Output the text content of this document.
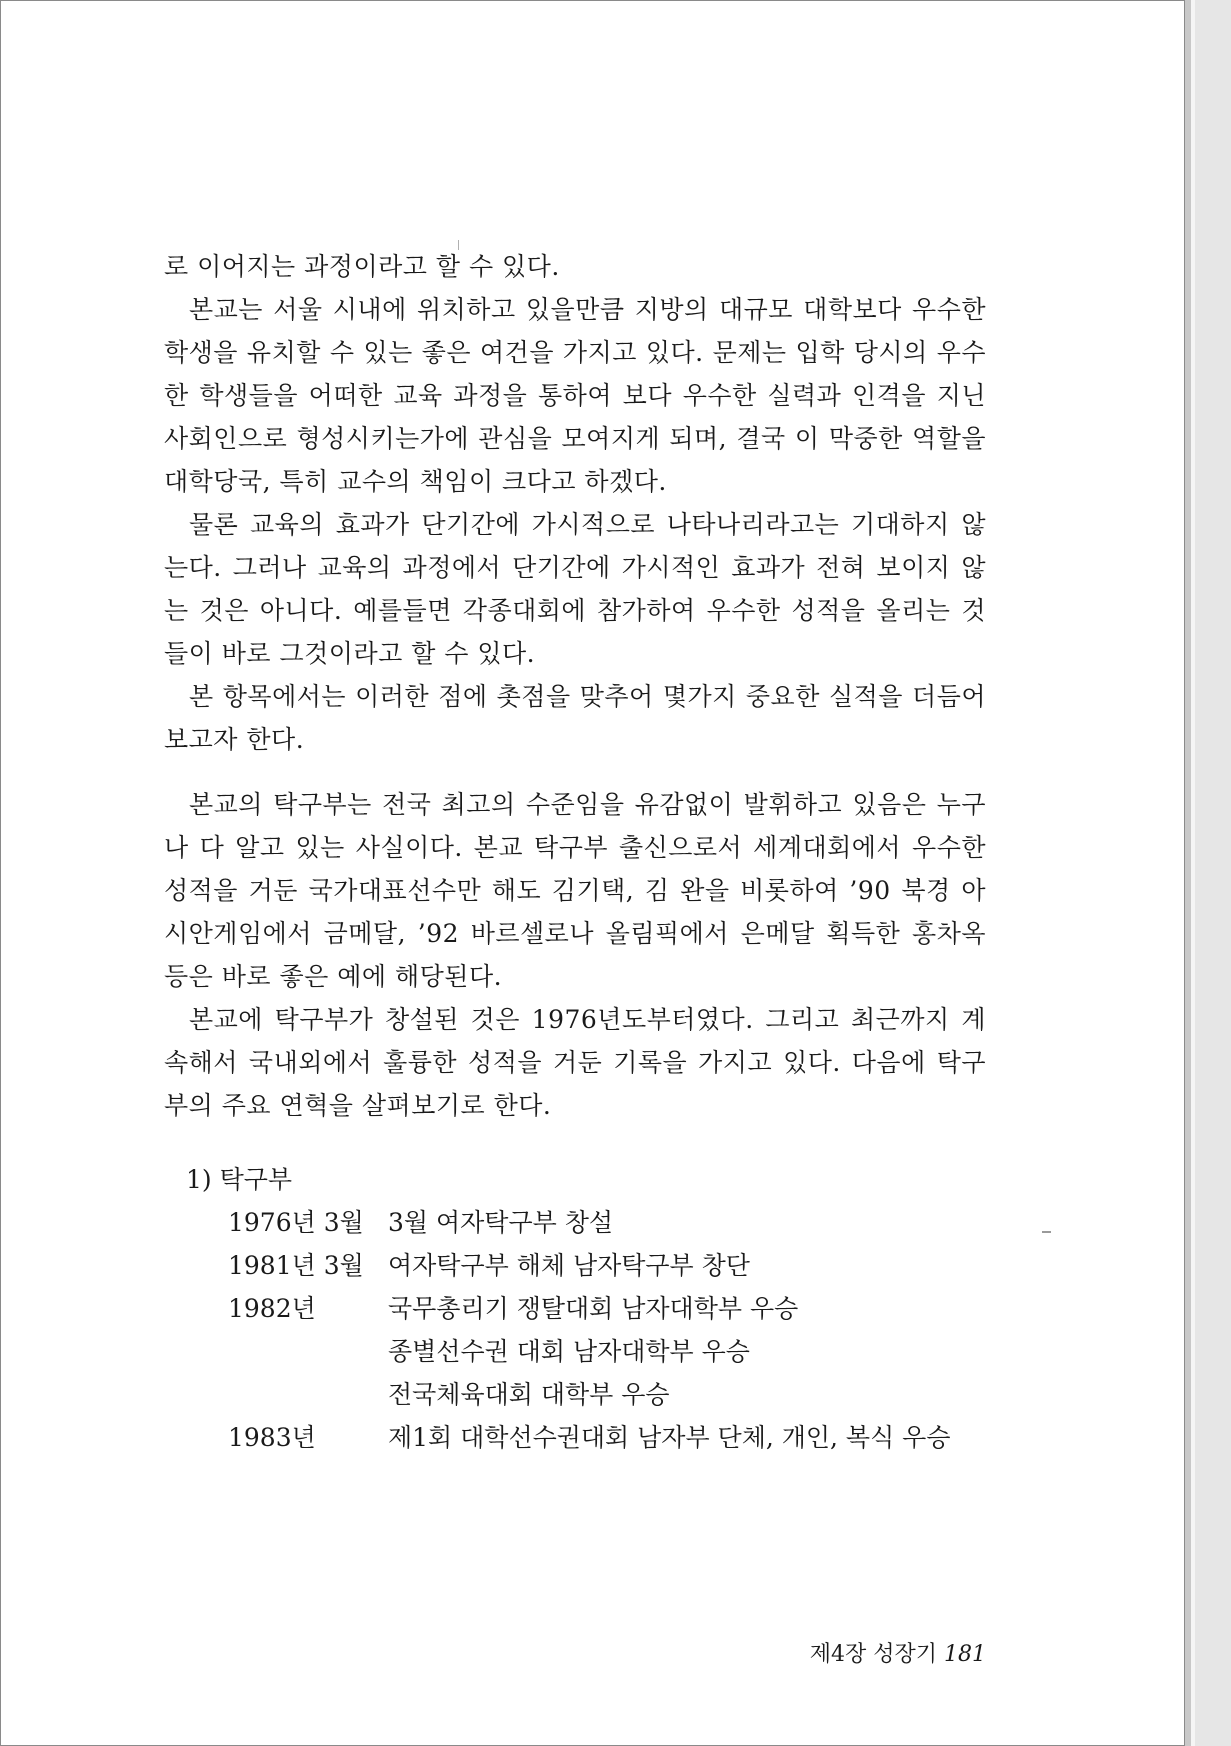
로 이어지는 과정이라고 할 수 있다.

본교는 서울 시내에 위치하고 있을만큼 지방의 대규모 대학보다 우수한 학생을 유치할 수 있는 좋은 여건을 가지고 있다. 문제는 입학 당시의 우수한 학생들을 어떠한 교육 과정을 통하여 보다 우수한 실력과 인격을 지닌 사회인으로 형성시키는가에 관심을 모여지게 되며, 결국 이 막중한 역할을 대학당국, 특히 교수의 책임이 크다고 하겠다.

물론 교육의 효과가 단기간에 가시적으로 나타나리라고는 기대하지 않는다. 그러나 교육의 과정에서 단기간에 가시적인 효과가 전혀 보이지 않는 것은 아니다. 예를들면 각종대회에 참가하여 우수한 성적을 올리는 것들이 바로 그것이라고 할 수 있다.

본 항목에서는 이러한 점에 촛점을 맞추어 몇가지 중요한 실적을 더듬어 보고자 한다.

본교의 탁구부는 전국 최고의 수준임을 유감없이 발휘하고 있음은 누구나 다 알고 있는 사실이다. 본교 탁구부 출신으로서 세계대회에서 우수한 성적을 거둔 국가대표선수만 해도 김기택, 김 완을 비롯하여 ’90 북경 아시안게임에서 금메달, ’92 바르셀로나 올림픽에서 은메달 획득한 홍차옥 등은 바로 좋은 예에 해당된다.

본교에 탁구부가 창설된 것은 1976년도부터였다. 그리고 최근까지 계속해서 국내외에서 훌륭한 성적을 거둔 기록을 가지고 있다. 다음에 탁구부의 주요 연혁을 살펴보기로 한다.

1) 탁구부
1976년 3월 3월 여자탁구부 창설
1981년 3월 여자탁구부 해체 남자탁구부 창단
1982년	국무총리기 쟁탈대회 남자대학부 우승
종별선수권 대회 남자대학부 우승
전국체육대회 대학부 우승
1983년	제1회 대학선수권대회 남자부 단체, 개인, 복식 우승
제4장 성장기 181
